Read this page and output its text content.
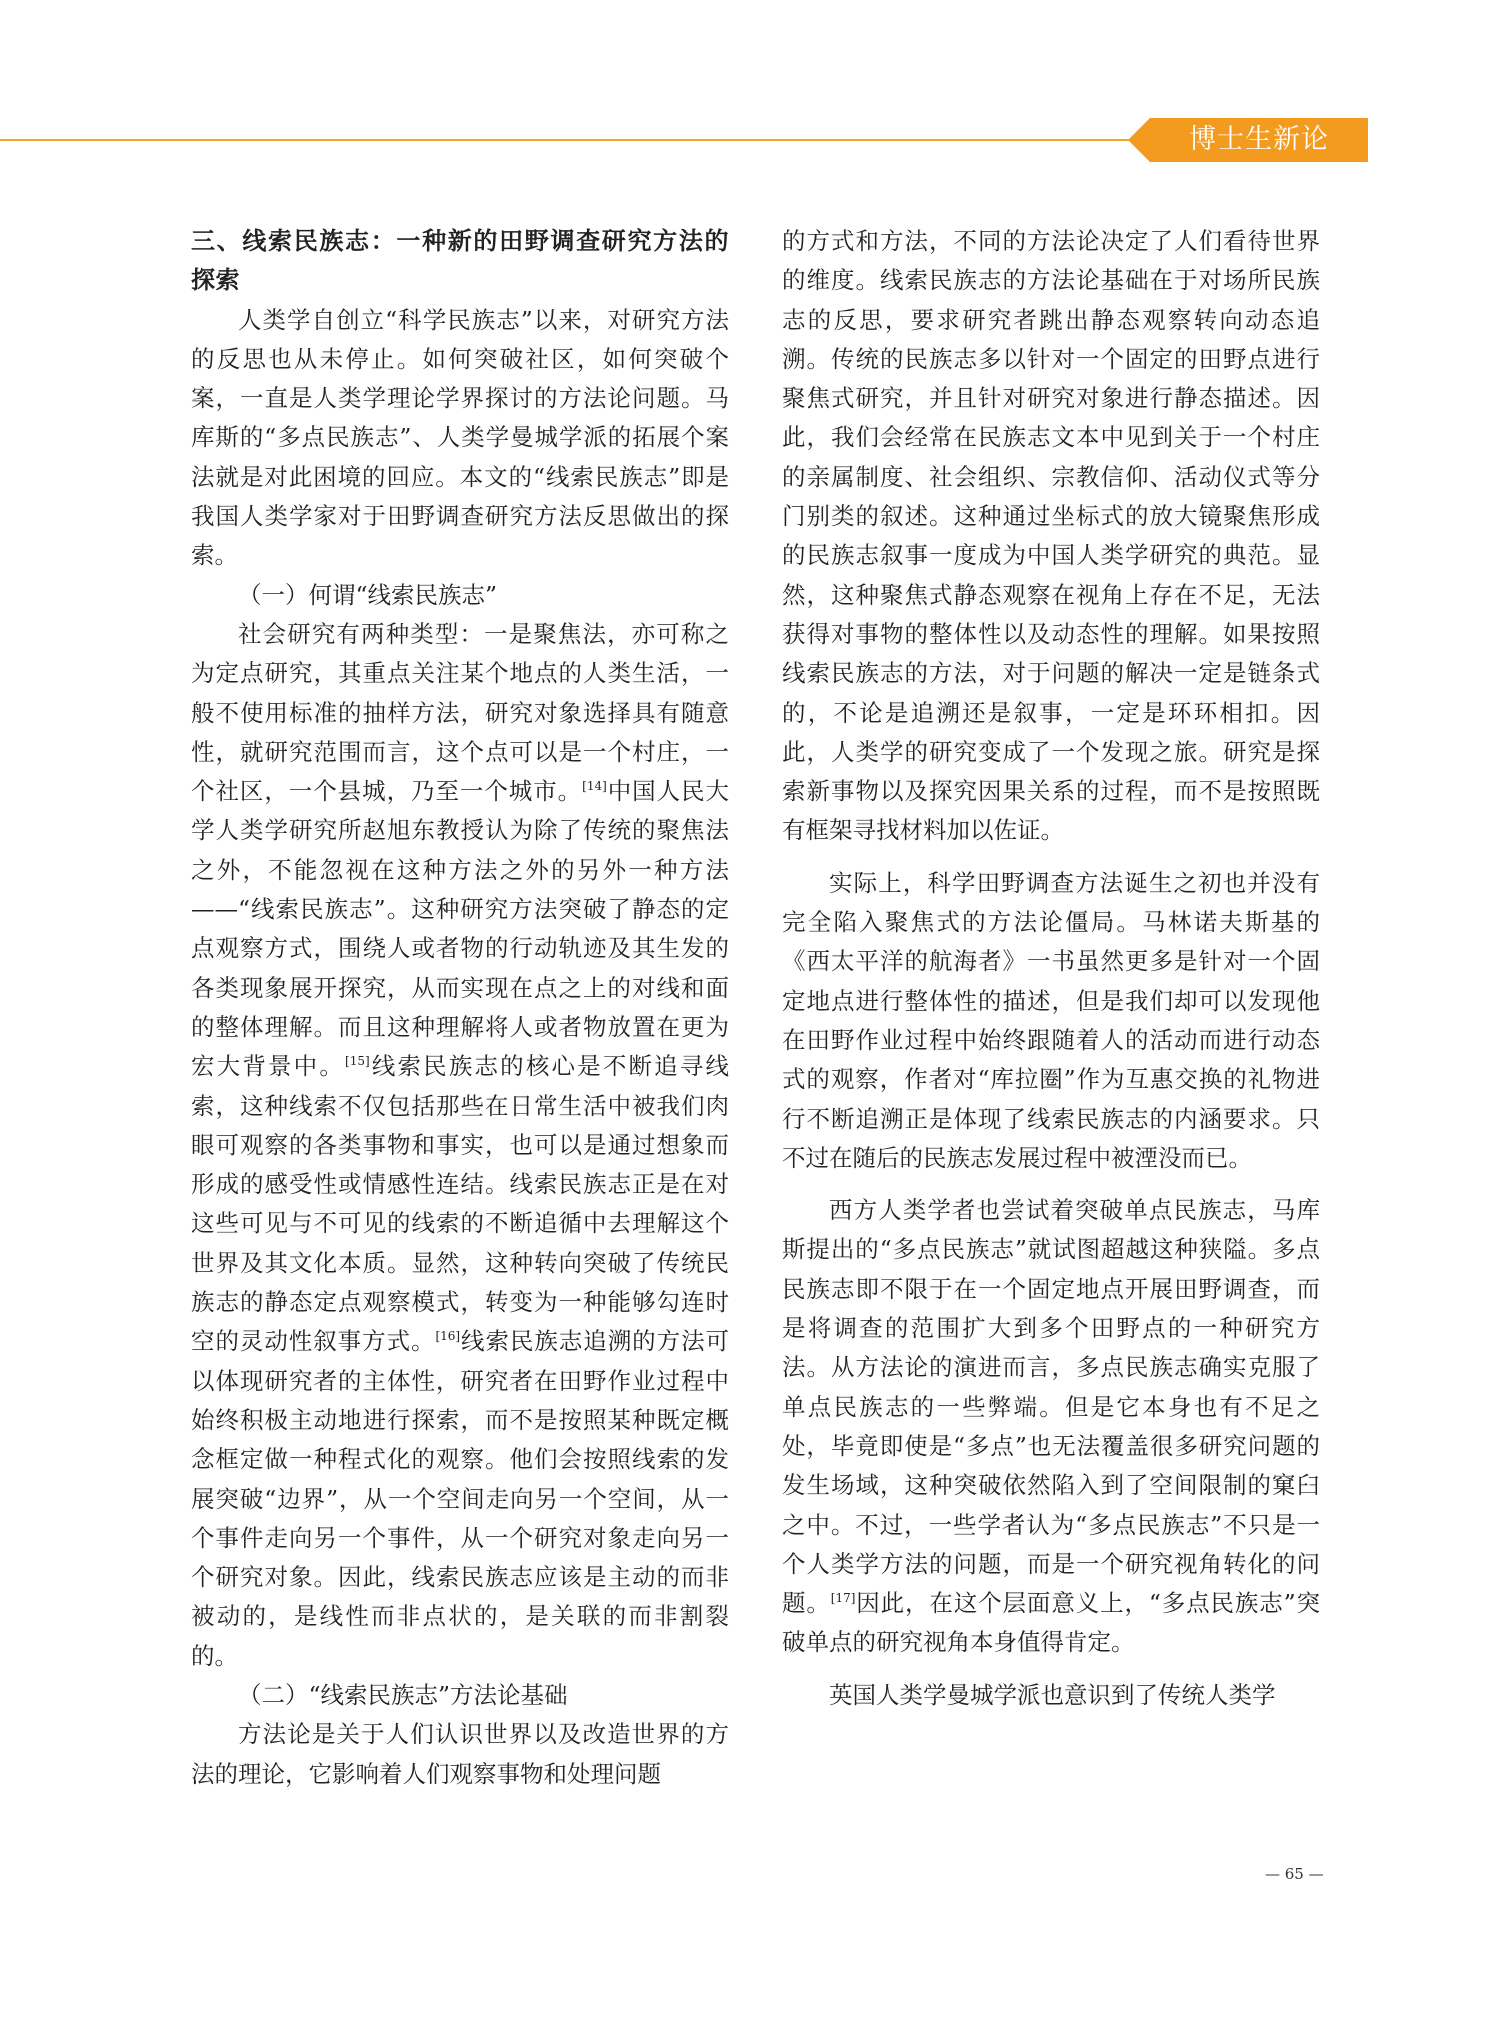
博士生新论
三、线索民族志：一种新的田野调查研究方法的探索

人类学自创立“科学民族志”以来，对研究方法的反思也从未停止。如何突破社区，如何突破个案，一直是人类学理论学界探讨的方法论问题。马库斯的“多点民族志”、人类学曼城学派的拓展个案法就是对此困境的回应。本文的“线索民族志”即是我国人类学家对于田野调查研究方法反思做出的探索。

（一）何谓“线索民族志”

社会研究有两种类型：一是聚焦法，亦可称之为定点研究，其重点关注某个地点的人类生活，一般不使用标准的抽样方法，研究对象选择具有随意性，就研究范围而言，这个点可以是一个村庄，一个社区，一个县城，乃至一个城市。[14]中国人民大学人类学研究所赵旭东教授认为除了传统的聚焦法之外，不能忽视在这种方法之外的另外一种方法——“线索民族志”。这种研究方法突破了静态的定点观察方式，围绕人或者物的行动轨迹及其生发的各类现象展开探究，从而实现在点之上的对线和面的整体理解。而且这种理解将人或者物放置在更为宏大背景中。[15]线索民族志的核心是不断追寻线索，这种线索不仅包括那些在日常生活中被我们肉眼可观察的各类事物和事实，也可以是通过想象而形成的感受性或情感性连结。线索民族志正是在对这些可见与不可见的线索的不断追循中去理解这个世界及其文化本质。显然，这种转向突破了传统民族志的静态定点观察模式，转变为一种能够勾连时空的灵动性叙事方式。[16]线索民族志追溯的方法可以体现研究者的主体性，研究者在田野作业过程中始终积极主动地进行探索，而不是按照某种既定概念框定做一种程式化的观察。他们会按照线索的发展突破“边界”，从一个空间走向另一个空间，从一个事件走向另一个事件，从一个研究对象走向另一个研究对象。因此，线索民族志应该是主动的而非被动的，是线性而非点状的，是关联的而非割裂的。

（二）“线索民族志”方法论基础

方法论是关于人们认识世界以及改造世界的方法的理论，它影响着人们观察事物和处理问题

的方式和方法，不同的方法论决定了人们看待世界的维度。线索民族志的方法论基础在于对场所民族志的反思，要求研究者跳出静态观察转向动态追溯。传统的民族志多以针对一个固定的田野点进行聚焦式研究，并且针对研究对象进行静态描述。因此，我们会经常在民族志文本中见到关于一个村庄的亲属制度、社会组织、宗教信仰、活动仪式等分门别类的叙述。这种通过坐标式的放大镜聚焦形成的民族志叙事一度成为中国人类学研究的典范。显然，这种聚焦式静态观察在视角上存在不足，无法获得对事物的整体性以及动态性的理解。如果按照线索民族志的方法，对于问题的解决一定是链条式的，不论是追溯还是叙事，一定是环环相扣。因此，人类学的研究变成了一个发现之旅。研究是探索新事物以及探究因果关系的过程，而不是按照既有框架寻找材料加以佐证。

实际上，科学田野调查方法诞生之初也并没有完全陷入聚焦式的方法论僵局。马林诺夫斯基的《西太平洋的航海者》一书虽然更多是针对一个固定地点进行整体性的描述，但是我们却可以发现他在田野作业过程中始终跟随着人的活动而进行动态式的观察，作者对“库拉圈”作为互惠交换的礼物进行不断追溯正是体现了线索民族志的内涵要求。只不过在随后的民族志发展过程中被湮没而已。

西方人类学者也尝试着突破单点民族志，马库斯提出的“多点民族志”就试图超越这种狭隘。多点民族志即不限于在一个固定地点开展田野调查，而是将调查的范围扩大到多个田野点的一种研究方法。从方法论的演进而言，多点民族志确实克服了单点民族志的一些弊端。但是它本身也有不足之处，毕竟即使是“多点”也无法覆盖很多研究问题的发生场域，这种突破依然陷入到了空间限制的窠臼之中。不过，一些学者认为“多点民族志”不只是一个人类学方法的问题，而是一个研究视角转化的问题。[17]因此，在这个层面意义上，“多点民族志”突破单点的研究视角本身值得肯定。

英国人类学曼城学派也意识到了传统人类学

— 65 —
